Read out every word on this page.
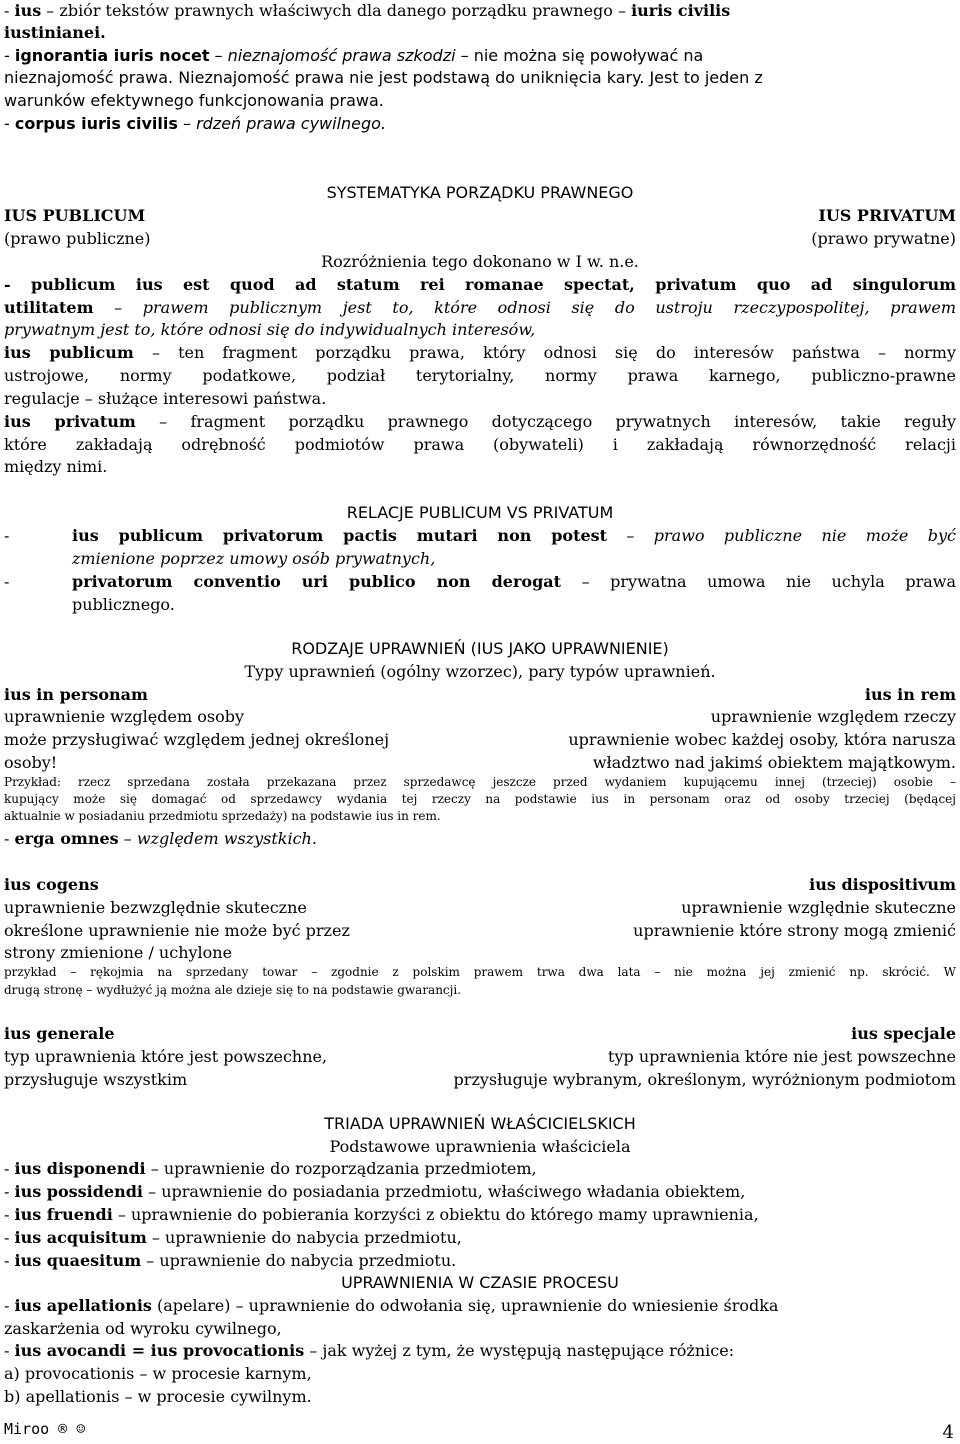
- ius – zbiór tekstów prawnych właściwych dla danego porządku prawnego – iuris civilis
iustinianei.
- ignorantia iuris nocet – nieznajomość prawa szkodzi – nie można się powoływać na
nieznajomość prawa. Nieznajomość prawa nie jest podstawą do uniknięcia kary. Jest to jeden z
warunków efektywnego funkcjonowania prawa.
- corpus iuris civilis – rdzeń prawa cywilnego.
SYSTEMATYKA PORZĄDKU PRAWNEGO
IUS PUBLICUM	IUS PRIVATUM
(prawo publiczne)	(prawo prywatne)
Rozróżnienia tego dokonano w I w. n.e.
- publicum ius est quod ad statum rei romanae spectat, privatum quo ad singulorum
utilitatem – prawem publicznym jest to, które odnosi się do ustroju rzeczypospolitej, prawem
prywatnym jest to, które odnosi się do indywidualnych interesów,
ius publicum – ten fragment porządku prawa, który odnosi się do interesów państwa – normy
ustrojowe, normy podatkowe, podział terytorialny, normy prawa karnego, publiczno-prawne
regulacje – służące interesowi państwa.
ius privatum – fragment porządku prawnego dotyczącego prywatnych interesów, takie reguły
które zakładają odrębność podmiotów prawa (obywateli) i zakładają równorzędność relacji
między nimi.
RELACJE PUBLICUM VS PRIVATUM
-	ius publicum privatorum pactis mutari non potest – prawo publiczne nie może być
zmienione poprzez umowy osób prywatnych,
-	privatorum conventio uri publico non derogat – prywatna umowa nie uchyla prawa
publicznego.
RODZAJE UPRAWNIEŃ (IUS JAKO UPRAWNIENIE)
Typy uprawnień (ogólny wzorzec), pary typów uprawnień.
ius in personam	ius in rem
uprawnienie względem osoby	uprawnienie względem rzeczy
może przysługiwać względem jednej określonej	uprawnienie wobec każdej osoby, która narusza
osoby!	władztwo nad jakimś obiektem majątkowym.
Przykład: rzecz sprzedana została przekazana przez sprzedawcę jeszcze przed wydaniem kupującemu innej (trzeciej) osobie –
kupujący może się domagać od sprzedawcy wydania tej rzeczy na podstawie ius in personam oraz od osoby trzeciej (będącej
aktualnie w posiadaniu przedmiotu sprzedaży) na podstawie ius in rem.
- erga omnes – względem wszystkich.
ius cogens	ius dispositivum
uprawnienie bezwzględnie skuteczne	uprawnienie względnie skuteczne
określone uprawnienie nie może być przez	uprawnienie które strony mogą zmienić
strony zmienione / uchylone
przykład – rękojmia na sprzedany towar – zgodnie z polskim prawem trwa dwa lata – nie można jej zmienić np. skrócić. W
drugą stronę – wydłużyć ją można ale dzieje się to na podstawie gwarancji.
ius generale	ius specjale
typ uprawnienia które jest powszechne,	typ uprawnienia które nie jest powszechne
przysługuje wszystkim	przysługuje wybranym, określonym, wyróżnionym podmiotom
TRIADA UPRAWNIEŃ WŁAŚCICIELSKICH
Podstawowe uprawnienia właściciela
- ius disponendi – uprawnienie do rozporządzania przedmiotem,
- ius possidendi – uprawnienie do posiadania przedmiotu, właściwego władania obiektem,
- ius fruendi – uprawnienie do pobierania korzyści z obiektu do którego mamy uprawnienia,
- ius acquisitum – uprawnienie do nabycia przedmiotu,
- ius quaesitum – uprawnienie do nabycia przedmiotu.
UPRAWNIENIA W CZASIE PROCESU
- ius apellationis (apelare) – uprawnienie do odwołania się, uprawnienie do wniesienie środka
zaskarżenia od wyroku cywilnego,
- ius avocandi = ius provocationis – jak wyżej z tym, że występują następujące różnice:
a) provocationis – w procesie karnym,
b) apellationis – w procesie cywilnym.
Miroo ® ☺	4
